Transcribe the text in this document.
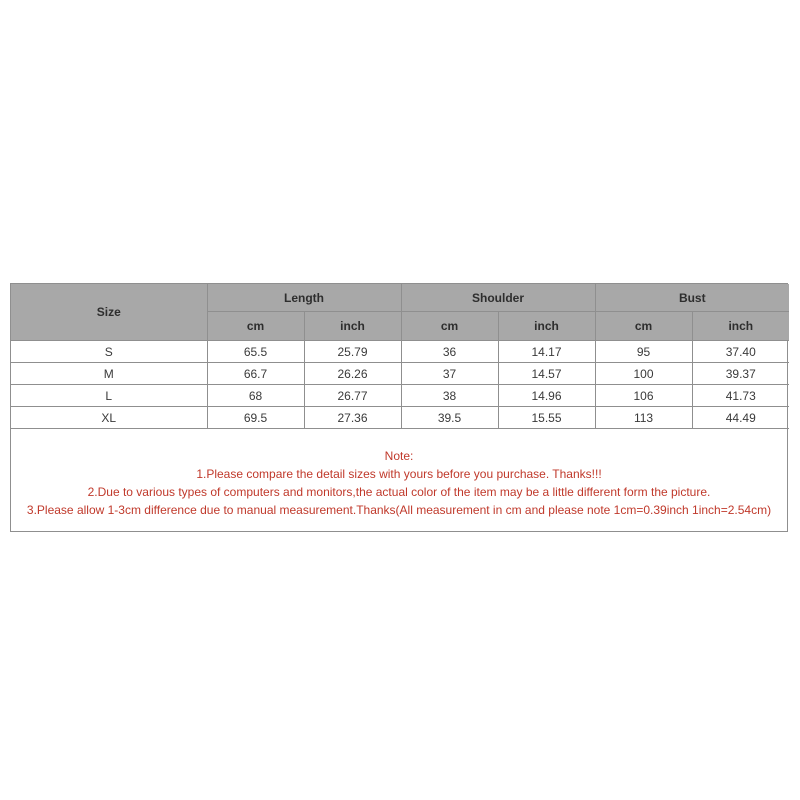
Size	Length		Shoulder		Bust	
	cm	inch	cm	inch	cm	inch
S	65.5	25.79	36	14.17	95	37.40
M	66.7	26.26	37	14.57	100	39.37
L	68	26.77	38	14.96	106	41.73
XL	69.5	27.36	39.5	15.55	113	44.49
Note:
1.Please compare the detail sizes with yours before you purchase. Thanks!!!
2.Due to various types of computers and monitors,the actual color of the item may be a little different form the picture.
3.Please allow 1-3cm difference due to manual measurement.Thanks(All measurement in cm and please note 1cm=0.39inch 1inch=2.54cm)
